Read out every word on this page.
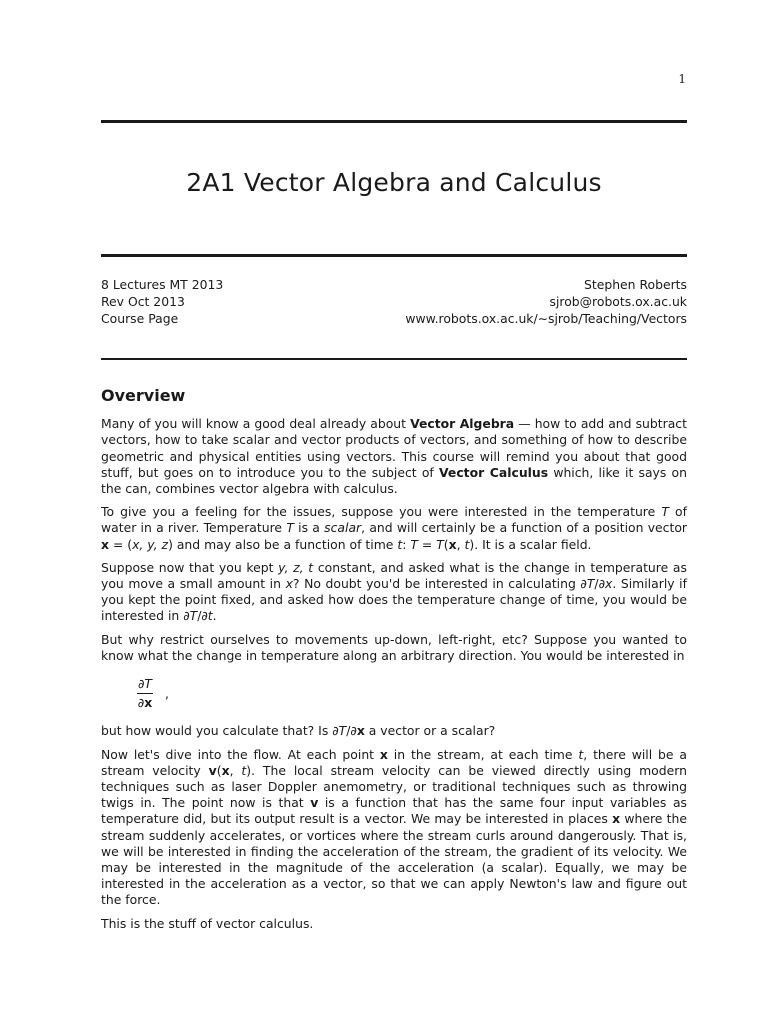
1
2A1 Vector Algebra and Calculus
8 Lectures MT 2013
Rev Oct 2013
Course Page
Stephen Roberts
sjrob@robots.ox.ac.uk
www.robots.ox.ac.uk/∼sjrob/Teaching/Vectors
Overview

Many of you will know a good deal already about Vector Algebra — how to add and subtract vectors, how to take scalar and vector products of vectors, and something of how to describe geometric and physical entities using vectors. This course will remind you about that good stuff, but goes on to introduce you to the subject of Vector Calculus which, like it says on the can, combines vector algebra with calculus.

To give you a feeling for the issues, suppose you were interested in the temperature T of water in a river. Temperature T is a scalar, and will certainly be a function of a position vector x = (x, y, z) and may also be a function of time t: T = T(x, t). It is a scalar field.

Suppose now that you kept y, z, t constant, and asked what is the change in temperature as you move a small amount in x? No doubt you'd be interested in calculating ∂T/∂x. Similarly if you kept the point fixed, and asked how does the temperature change of time, you would be interested in ∂T/∂t.

But why restrict ourselves to movements up-down, left-right, etc? Suppose you wanted to know what the change in temperature along an arbitrary direction. You would be interested in

$\frac{\partial T}{\partial x}$ ,

but how would you calculate that? Is ∂T/∂x a vector or a scalar?

Now let's dive into the flow. At each point x in the stream, at each time t, there will be a stream velocity v(x, t). The local stream velocity can be viewed directly using modern techniques such as laser Doppler anemometry, or traditional techniques such as throwing twigs in. The point now is that v is a function that has the same four input variables as temperature did, but its output result is a vector. We may be interested in places x where the stream suddenly accelerates, or vortices where the stream curls around dangerously. That is, we will be interested in finding the acceleration of the stream, the gradient of its velocity. We may be interested in the magnitude of the acceleration (a scalar). Equally, we may be interested in the acceleration as a vector, so that we can apply Newton's law and figure out the force.

This is the stuff of vector calculus.
